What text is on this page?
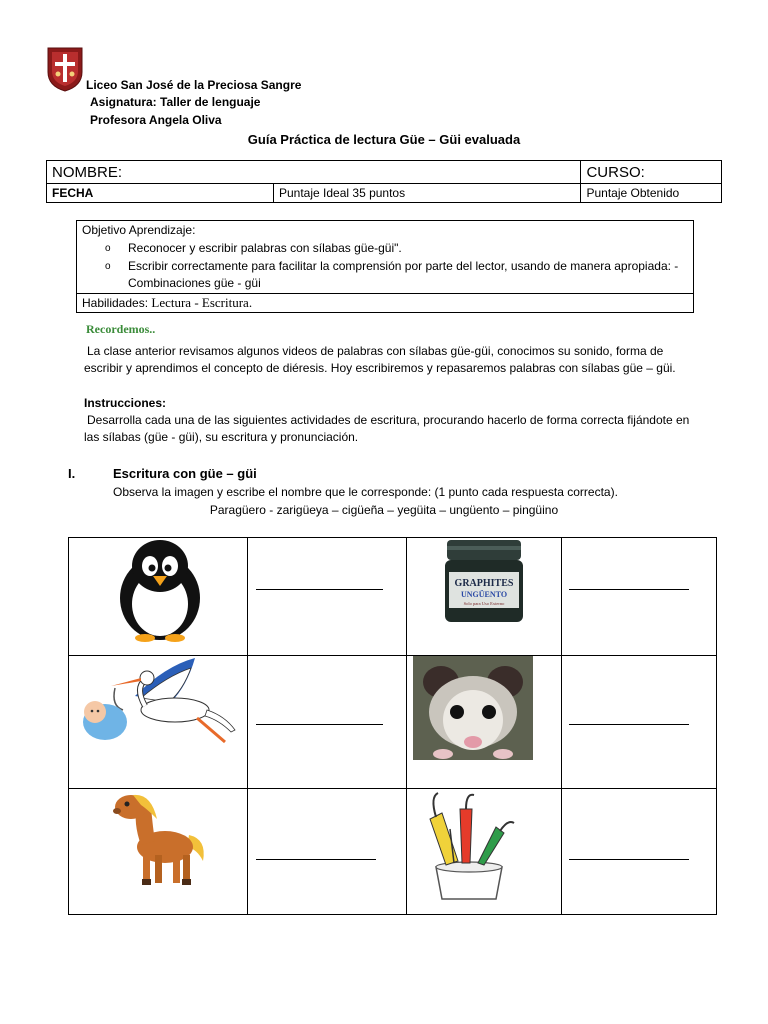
Liceo San José de la Preciosa Sangre
Asignatura: Taller de lenguaje
Profesora Angela Oliva
Guía Práctica de lectura Güe – Güi evaluada
NOMBRE:		CURSO:
FECHA	Puntaje Ideal 35 puntos	Puntaje Obtenido
Objetivo Aprendizaje:
o Reconocer y escribir palabras con sílabas güe-güi".
o Escribir correctamente para facilitar la comprensión por parte del lector, usando de manera apropiada: - Combinaciones güe - güi
Habilidades: Lectura - Escritura.
Recordemos..
La clase anterior revisamos algunos videos de palabras con sílabas güe-güi, conocimos su sonido, forma de escribir y aprendimos el concepto de diéresis. Hoy escribiremos y repasaremos palabras con sílabas güe – güi.
Instrucciones:
Desarrolla cada una de las siguientes actividades de escritura, procurando hacerlo de forma correcta fijándote en las sílabas (güe - güi), su escritura y pronunciación.
I.	Escritura con güe – güi
Observa la imagen y escribe el nombre que le corresponde: (1 punto cada respuesta correcta).
Paragüero - zarigüeya – cigüeña – yegüita – ungüento – pingüino
GRAPHITES
UNGÜENTO
Solo para Uso Externo
